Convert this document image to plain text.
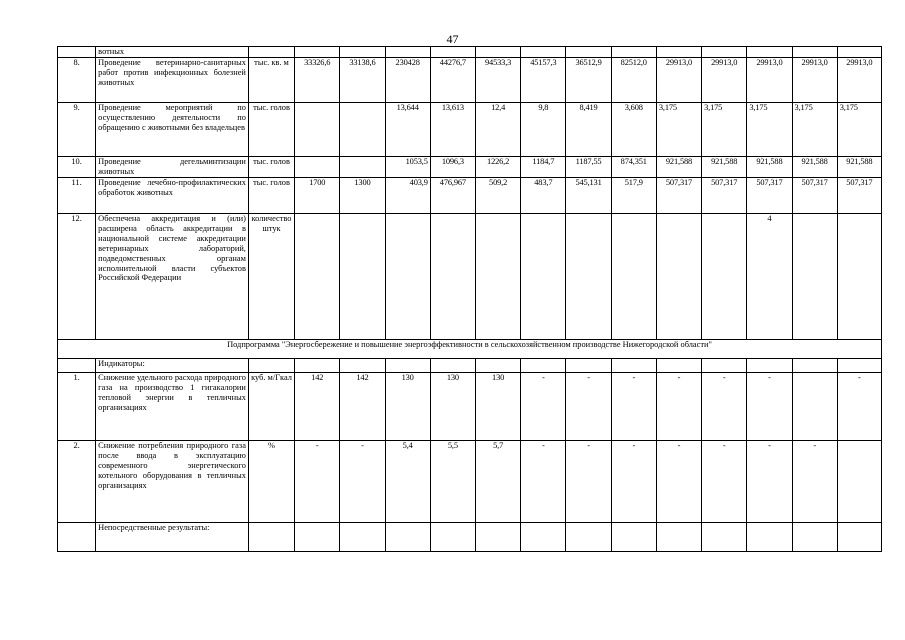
47
	вотных														
8.	Проведение ветеринарно-санитарных работ против инфекционных болезней животных	тыс. кв. м	33326,6	33138,6	230428	44276,7	94533,3	45157,3	36512,9	82512,0	29913,0	29913,0	29913,0	29913,0	29913,0
9.	Проведение мероприятий по осуществлению деятельности по обращению с животными без владельцев	тыс. голов			13,644	13,613	12,4	9,8	8,419	3,608	3,175	3,175	3,175	3,175	3,175
10.	Проведение дегельминтизации животных	тыс. голов			1053,5	1096,3	1226,2	1184,7	1187,55	874,351	921,588	921,588	921,588	921,588	921,588
11.	Проведение лечебно-профилактических обработок животных	тыс. голов	1700	1300	403,9	476,967	509,2	483,7	545,131	517,9	507,317	507,317	507,317	507,317	507,317
12.	Обеспечена аккредитация и (или) расширена область аккредитации в национальной системе аккредитации ветеринарных лабораторий, подведомственных органам исполнительной власти субъектов Российской Федерации	количество штук											4		
Подпрограмма "Энергосбережение и повышение энергоэффективности в сельскохозяйственном производстве Нижегородской области"															
	Индикаторы:														
1.	Снижение удельного расхода природного газа на производство 1 гигакалории тепловой энергии в тепличных организациях	куб. м/Гкал	142	142	130	130	130	-	-	-	-	-	-		-
2.	Снижение потребления природного газа после ввода в эксплуатацию современного энергетического котельного оборудования в тепличных организациях	%	-	-	5,4	5,5	5,7	-	-	-	-	-	-	-	
	Непосредственные результаты:														
